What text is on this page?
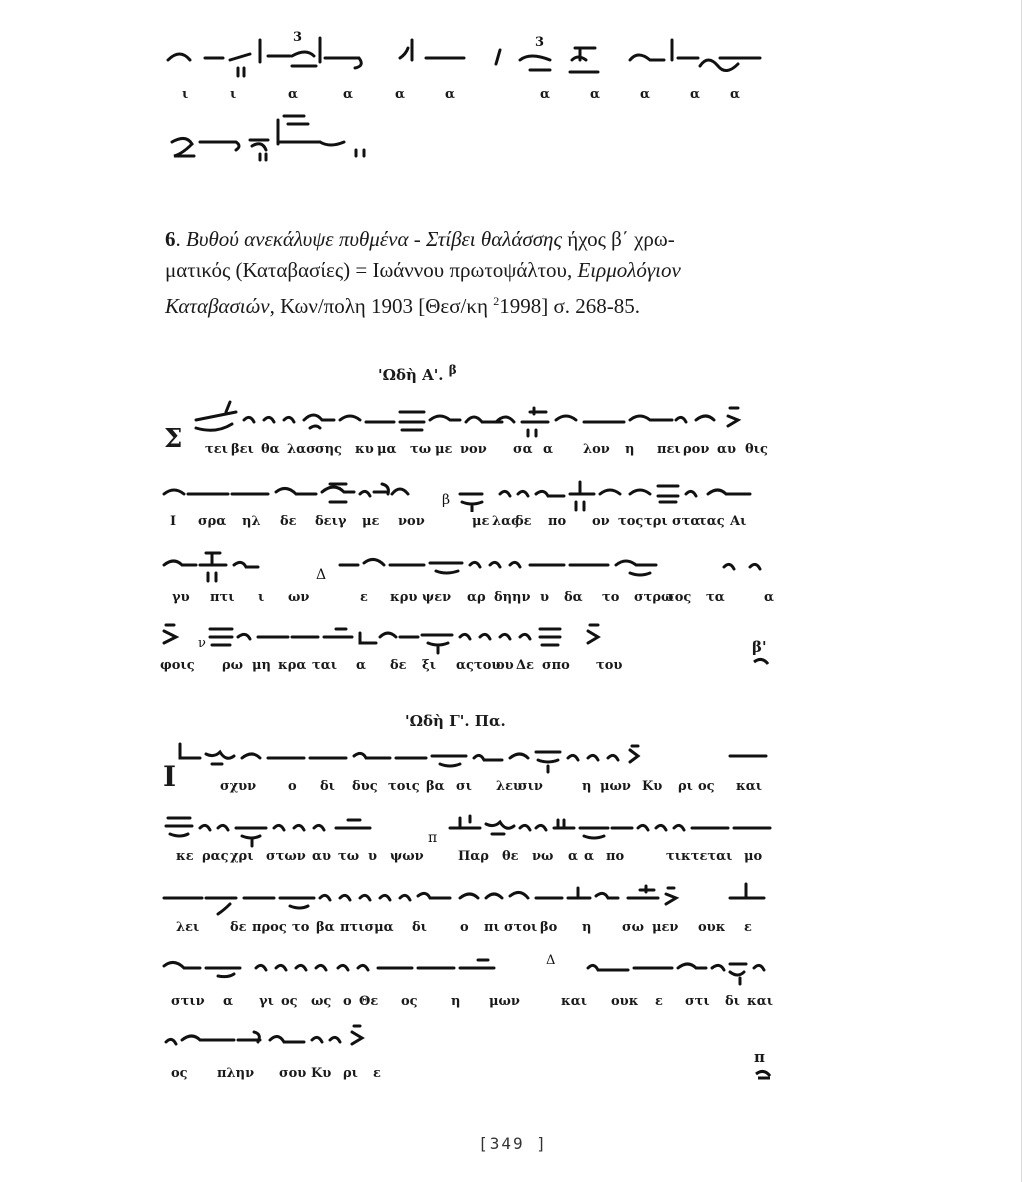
3	3
ι	ι	α	α	α	α	α	α	α	α α
6. Βυθού ανεκάλυψε πυθμένα - Στίβει θαλάσσης ήχος β΄ χρω-
ματικός (Καταβασίες) = Ιωάννου πρωτοψάλτου, Ειρμολόγιον
Καταβασιών, Κων/πολη 1903 [Θεσ/κη $^2$1998] σ. 268-85.
'Ωδὴ Α'. $^\beta$
Σ τει βει θα λασ σης κυ μα τω με νον σα α λον η πει ρον αυ θις
β
Ι σρα ηλ δε δειγ με νον	με λας
δε πο ον τος τρι στα
τας Αι
Δ
γυ πτι ι ων	ε κρυ ψεν αρ δη ην υ δα το στρω
τος τα	α
ν
φοις ρω μη κρα ται α δε ξι ας του
ου Δε σπο του
β'
'Ωδὴ Γ'. Πα.
Ι	σχυν ο δι δυς τοις βα σι λευ
σιν	η μων Κυ ρι ος και
π
κε ρας χρι στων αυ τω υ ψων	Παρ θε νω α α πο	τικτεται μο
λει δε προς το βα πτισμα δι	ο πι στοι βο η σω μεν ουκ ε
Δ
στιν α γι ος ως ο Θε ος	η μων	και ουκ ε στι δι και
ος πλην σου Κυ ρι ε
π
[349 ]
